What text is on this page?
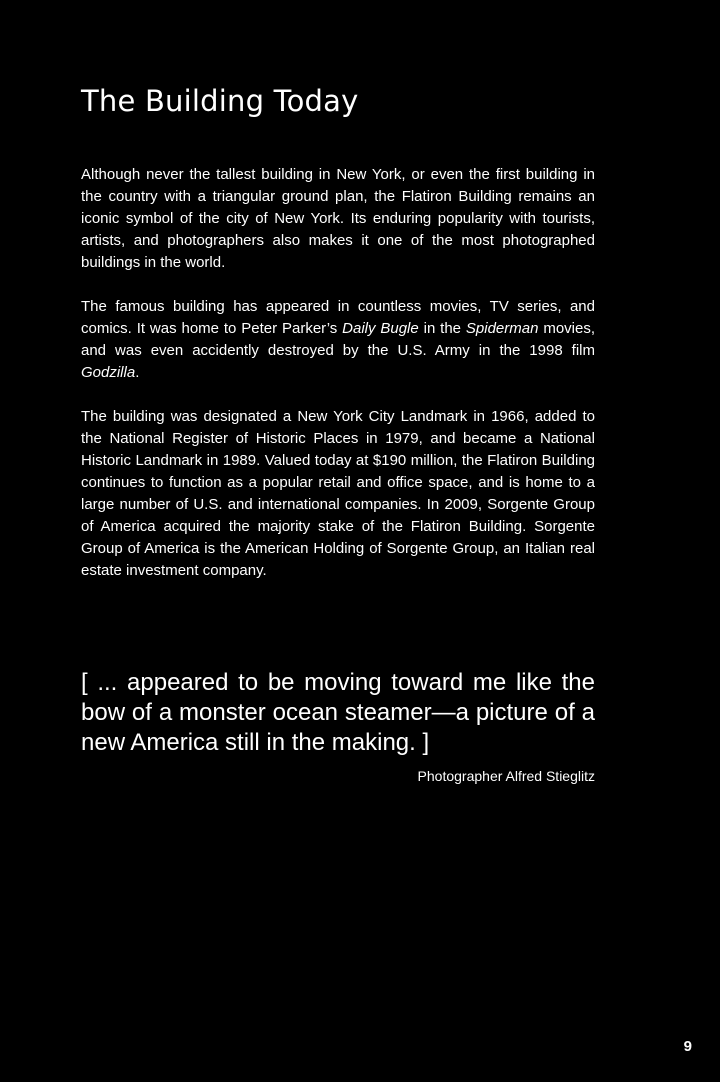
The Building Today

Although never the tallest building in New York, or even the first building in the country with a triangular ground plan, the Flatiron Building remains an iconic symbol of the city of New York. Its enduring popularity with tourists, artists, and photographers also makes it one of the most photographed buildings in the world.

The famous building has appeared in countless movies, TV series, and comics. It was home to Peter Parker’s Daily Bugle in the Spiderman movies, and was even accidently destroyed by the U.S. Army in the 1998 film Godzilla.

The building was designated a New York City Landmark in 1966, added to the National Register of Historic Places in 1979, and became a National Historic Landmark in 1989. Valued today at $190 million, the Flatiron Building continues to function as a popular retail and office space, and is home to a large number of U.S. and international companies. In 2009, Sorgente Group of America acquired the majority stake of the Flatiron Building. Sorgente Group of America is the American Holding of Sorgente Group, an Italian real estate investment company.

[ ... appeared to be moving toward me like the bow of a monster ocean steamer—a picture of a new America still in the making. ]
Photographer Alfred Stieglitz
9
